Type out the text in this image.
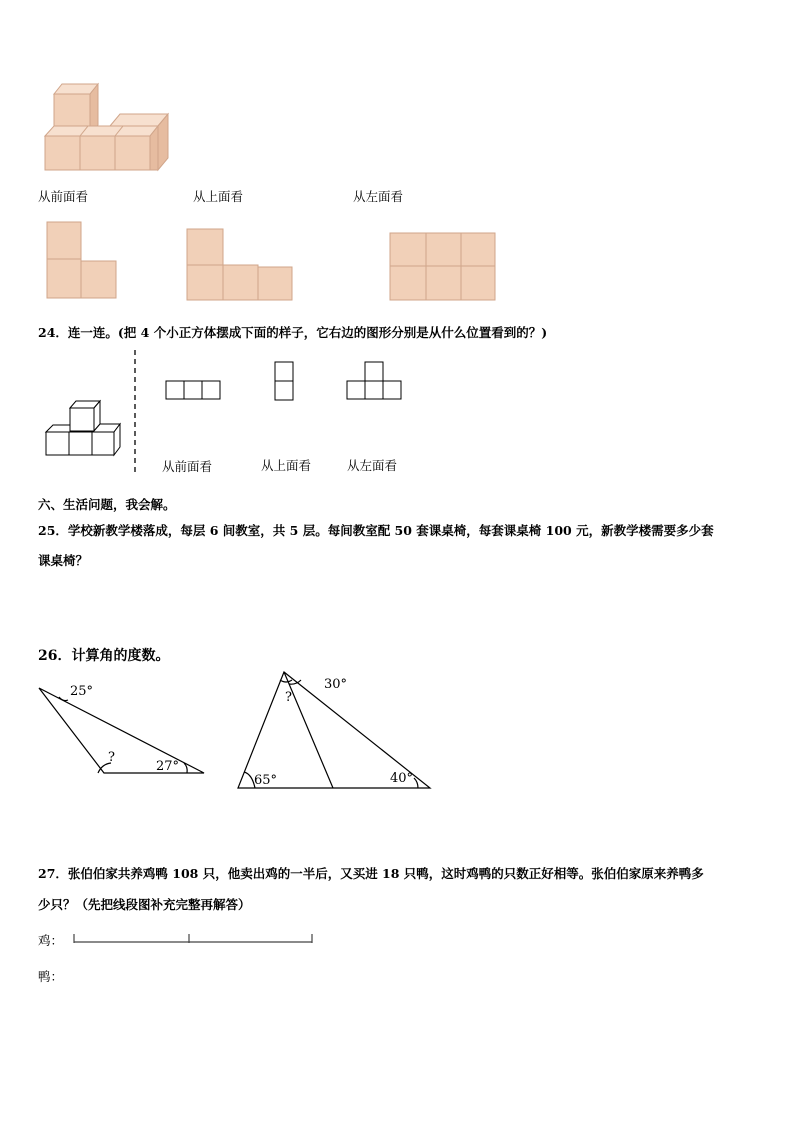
从前面看	从上面看	从左面看
24．连一连。(把 4 个小正方体摆成下面的样子，它右边的图形分别是从什么位置看到的？)
从前面看	从上面看	从左面看
六、生活问题，我会解。
25．学校新教学楼落成，每层 6 间教室，共 5 层。每间教室配 50 套课桌椅，每套课桌椅 100 元，新教学楼需要多少套
课桌椅？
26．计算角的度数。
25°
?
27°
30°
?
65°	40°
27．张伯伯家共养鸡鸭 108 只，他卖出鸡的一半后，又买进 18 只鸭，这时鸡鸭的只数正好相等。张伯伯家原来养鸭多
少只？（先把线段图补充完整再解答）
鸡：
鸭：
